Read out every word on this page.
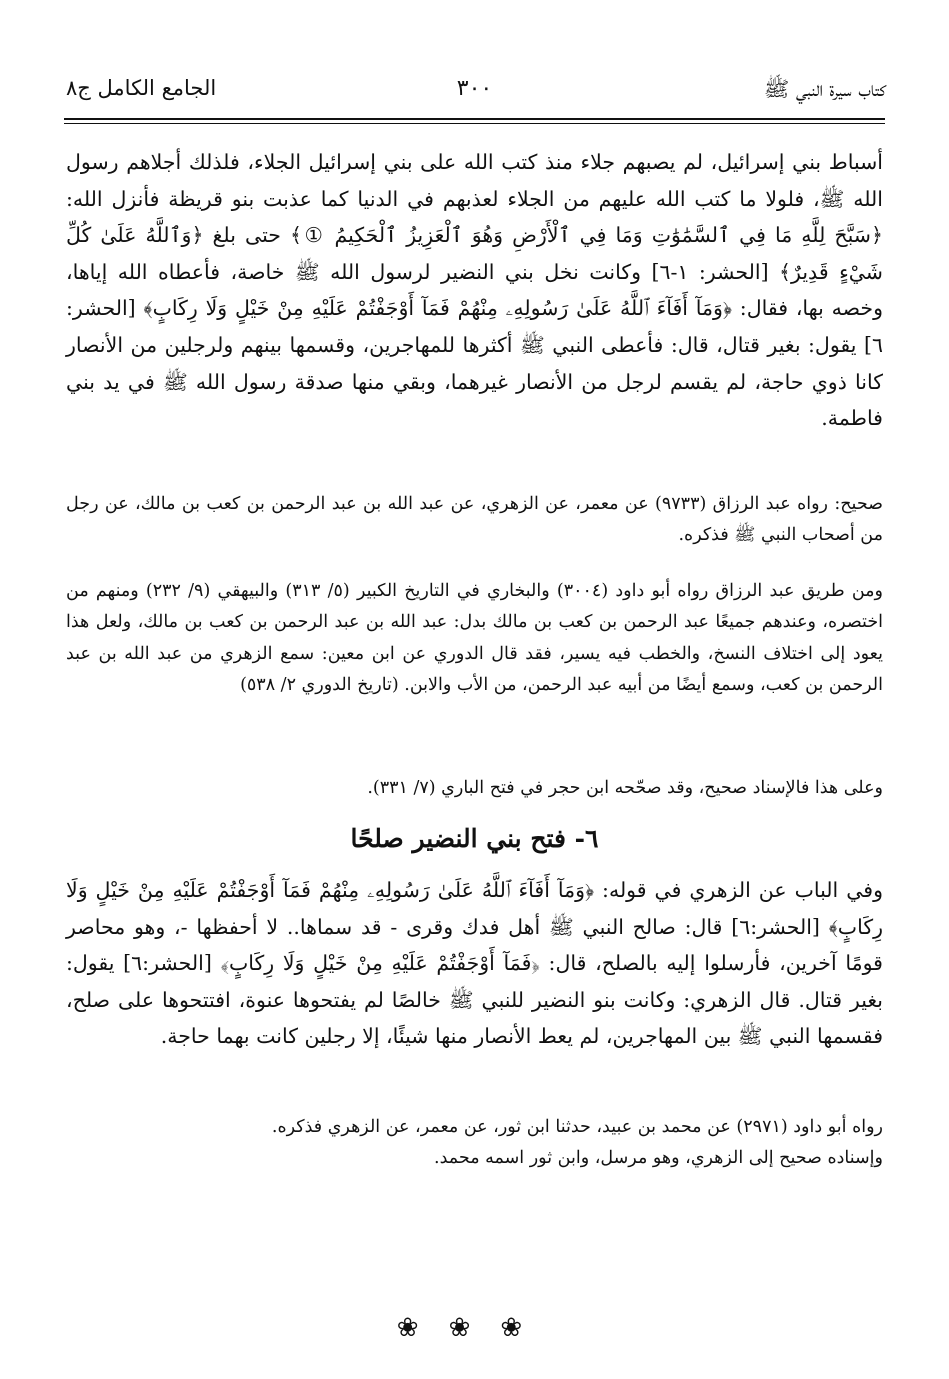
كتاب سيرة النبي ﷺ
٣٠٠
الجامع الكامل ج٨

أسباط بني إسرائيل، لم يصبهم جلاء منذ كتب الله على بني إسرائيل الجلاء، فلذلك أجلاهم رسول الله ﷺ، فلولا ما كتب الله عليهم من الجلاء لعذبهم في الدنيا كما عذبت بنو قريظة فأنزل الله: ﴿سَبَّحَ لِلَّهِ مَا فِي ٱلسَّمَٰوَٰتِ وَمَا فِي ٱلْأَرْضِ وَهُوَ ٱلْعَزِيزُ ٱلْحَكِيمُ ①﴾ حتى بلغ ﴿وَٱللَّهُ عَلَىٰ كُلِّ شَيْءٍ قَدِيرٌ﴾ [الحشر: ١-٦] وكانت نخل بني النضير لرسول الله ﷺ خاصة، فأعطاه الله إياها، وخصه بها، فقال: ﴿وَمَآ أَفَآءَ ٱللَّهُ عَلَىٰ رَسُولِهِۦ مِنْهُمْ فَمَآ أَوْجَفْتُمْ عَلَيْهِ مِنْ خَيْلٍ وَلَا رِكَابٍ﴾ [الحشر: ٦] يقول: بغير قتال، قال: فأعطى النبي ﷺ أكثرها للمهاجرين، وقسمها بينهم ولرجلين من الأنصار كانا ذوي حاجة، لم يقسم لرجل من الأنصار غيرهما، وبقي منها صدقة رسول الله ﷺ في يد بني فاطمة.

صحيح: رواه عبد الرزاق (٩٧٣٣) عن معمر، عن الزهري، عن عبد الله بن عبد الرحمن بن كعب بن مالك، عن رجل من أصحاب النبي ﷺ فذكره.

ومن طريق عبد الرزاق رواه أبو داود (٣٠٠٤) والبخاري في التاريخ الكبير (٥/ ٣١٣) والبيهقي (٩/ ٢٣٢) ومنهم من اختصره، وعندهم جميعًا عبد الرحمن بن كعب بن مالك بدل: عبد الله بن عبد الرحمن بن كعب بن مالك، ولعل هذا يعود إلى اختلاف النسخ، والخطب فيه يسير، فقد قال الدوري عن ابن معين: سمع الزهري من عبد الله بن عبد الرحمن بن كعب، وسمع أيضًا من أبيه عبد الرحمن، من الأب والابن. (تاريخ الدوري ٢/ ٥٣٨)

وعلى هذا فالإسناد صحيح، وقد صحّحه ابن حجر في فتح الباري (٧/ ٣٣١).

٦- فتح بني النضير صلحًا

وفي الباب عن الزهري في قوله: ﴿وَمَآ أَفَآءَ ٱللَّهُ عَلَىٰ رَسُولِهِۦ مِنْهُمْ فَمَآ أَوْجَفْتُمْ عَلَيْهِ مِنْ خَيْلٍ وَلَا رِكَابٍ﴾ [الحشر:٦] قال: صالح النبي ﷺ أهل فدك وقرى - قد سماها.. لا أحفظها -، وهو محاصر قومًا آخرين، فأرسلوا إليه بالصلح، قال: ﴿فَمَآ أَوْجَفْتُمْ عَلَيْهِ مِنْ خَيْلٍ وَلَا رِكَابٍ﴾ [الحشر:٦] يقول: بغير قتال. قال الزهري: وكانت بنو النضير للنبي ﷺ خالصًا لم يفتحوها عنوة، افتتحوها على صلح، فقسمها النبي ﷺ بين المهاجرين، لم يعط الأنصار منها شيئًا، إلا رجلين كانت بهما حاجة.

رواه أبو داود (٢٩٧١) عن محمد بن عبيد، حدثنا ابن ثور، عن معمر، عن الزهري فذكره.

وإسناده صحيح إلى الزهري، وهو مرسل، وابن ثور اسمه محمد.

❀❀❀
